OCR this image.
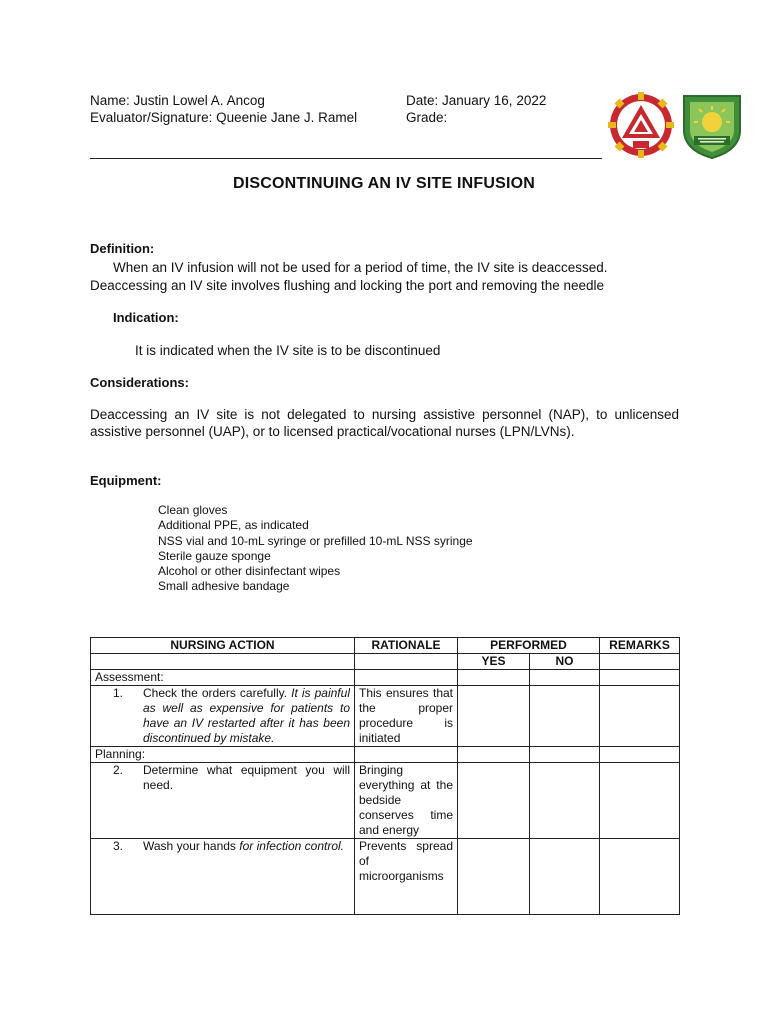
Name: Justin Lowel A. Ancog
Evaluator/Signature: Queenie Jane J. Ramel
Date: January 16, 2022
Grade:
DISCONTINUING AN IV SITE INFUSION
Definition:
When an IV infusion will not be used for a period of time, the IV site is deaccessed.
Deaccessing an IV site involves flushing and locking the port and removing the needle
Indication:
It is indicated when the IV site is to be discontinued
Considerations:
Deaccessing an IV site is not delegated to nursing assistive personnel (NAP), to unlicensed assistive personnel (UAP), or to licensed practical/vocational nurses (LPN/LVNs).
Equipment:
Clean gloves
Additional PPE, as indicated
NSS vial and 10-mL syringe or prefilled 10-mL NSS syringe
Sterile gauze sponge
Alcohol or other disinfectant wipes
Small adhesive bandage
NURSING ACTION	RATIONALE	PERFORMED		REMARKS
		YES	NO	
Assessment:				

1. Check the orders carefully. It is painful as well as expensive for patients to have an IV restarted after it has been discontinued by mistake.	This ensures that the proper procedure is initiated			
Planning:				

2. Determine what equipment you will need.	Bringing everything at the bedside conserves time and energy			

3. Wash your hands for infection control.	Prevents spread of microorganisms			
